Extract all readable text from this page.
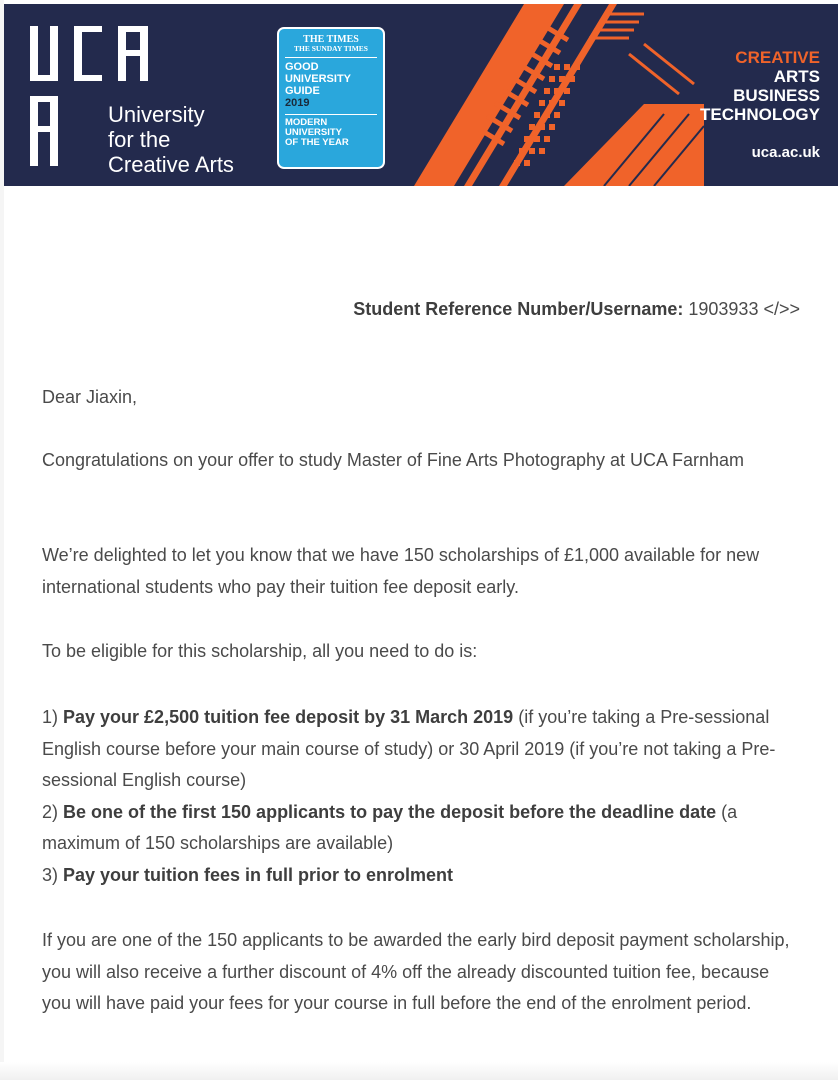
University
for the
Creative Arts
THE TIMES
THE SUNDAY TIMES
GOOD
UNIVERSITY
GUIDE
2019
MODERN
UNIVERSITY
OF THE YEAR
CREATIVE
ARTS
BUSINESS
TECHNOLOGY
uca.ac.uk
Student Reference Number/Username: 1903933 </>>

Dear Jiaxin,

Congratulations on your offer to study Master of Fine Arts Photography at UCA Farnham

We’re delighted to let you know that we have 150 scholarships of £1,000 available for new international students who pay their tuition fee deposit early.

To be eligible for this scholarship, all you need to do is:

1) Pay your £2,500 tuition fee deposit by 31 March 2019 (if you’re taking a Pre-sessional English course before your main course of study) or 30 April 2019 (if you’re not taking a Pre-sessional English course)
2) Be one of the first 150 applicants to pay the deposit before the deadline date (a maximum of 150 scholarships are available)
3) Pay your tuition fees in full prior to enrolment

If you are one of the 150 applicants to be awarded the early bird deposit payment scholarship, you will also receive a further discount of 4% off the already discounted tuition fee, because you will have paid your fees for your course in full before the end of the enrolment period.
